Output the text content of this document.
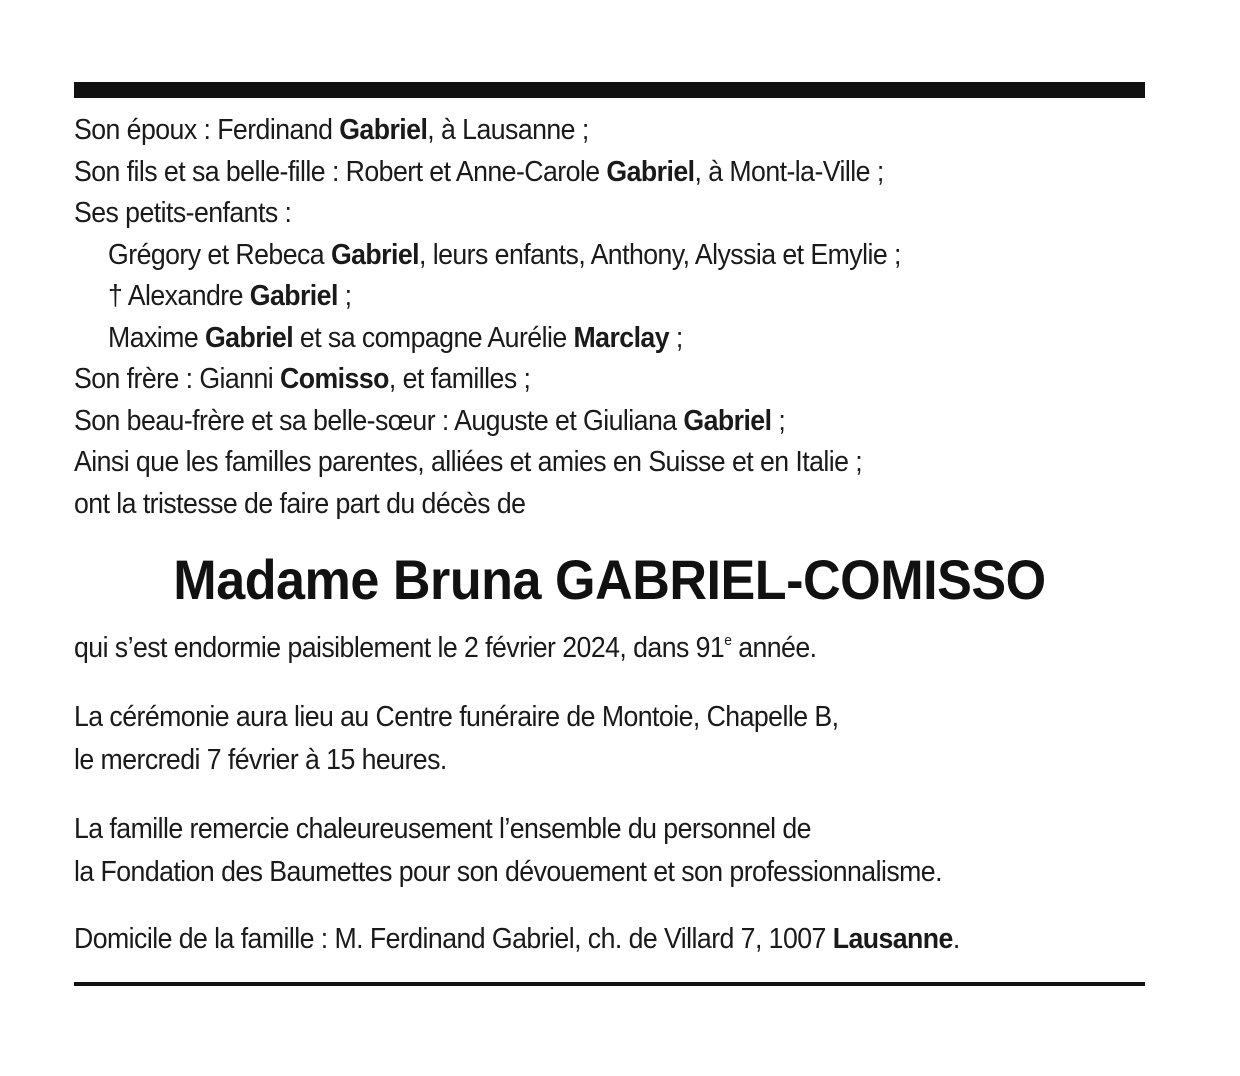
Son époux : Ferdinand Gabriel, à Lausanne ;
Son fils et sa belle-fille : Robert et Anne-Carole Gabriel, à Mont-la-Ville ;
Ses petits-enfants :
Grégory et Rebeca Gabriel, leurs enfants, Anthony, Alyssia et Emylie ;
† Alexandre Gabriel ;
Maxime Gabriel et sa compagne Aurélie Marclay ;
Son frère : Gianni Comisso, et familles ;
Son beau-frère et sa belle-sœur : Auguste et Giuliana Gabriel ;
Ainsi que les familles parentes, alliées et amies en Suisse et en Italie ;
ont la tristesse de faire part du décès de
Madame Bruna GABRIEL-COMISSO
qui s’est endormie paisiblement le 2 février 2024, dans 91e année.
La cérémonie aura lieu au Centre funéraire de Montoie, Chapelle B,
le mercredi 7 février à 15 heures.
La famille remercie chaleureusement l’ensemble du personnel de
la Fondation des Baumettes pour son dévouement et son professionnalisme.
Domicile de la famille : M. Ferdinand Gabriel, ch. de Villard 7, 1007 Lausanne.
